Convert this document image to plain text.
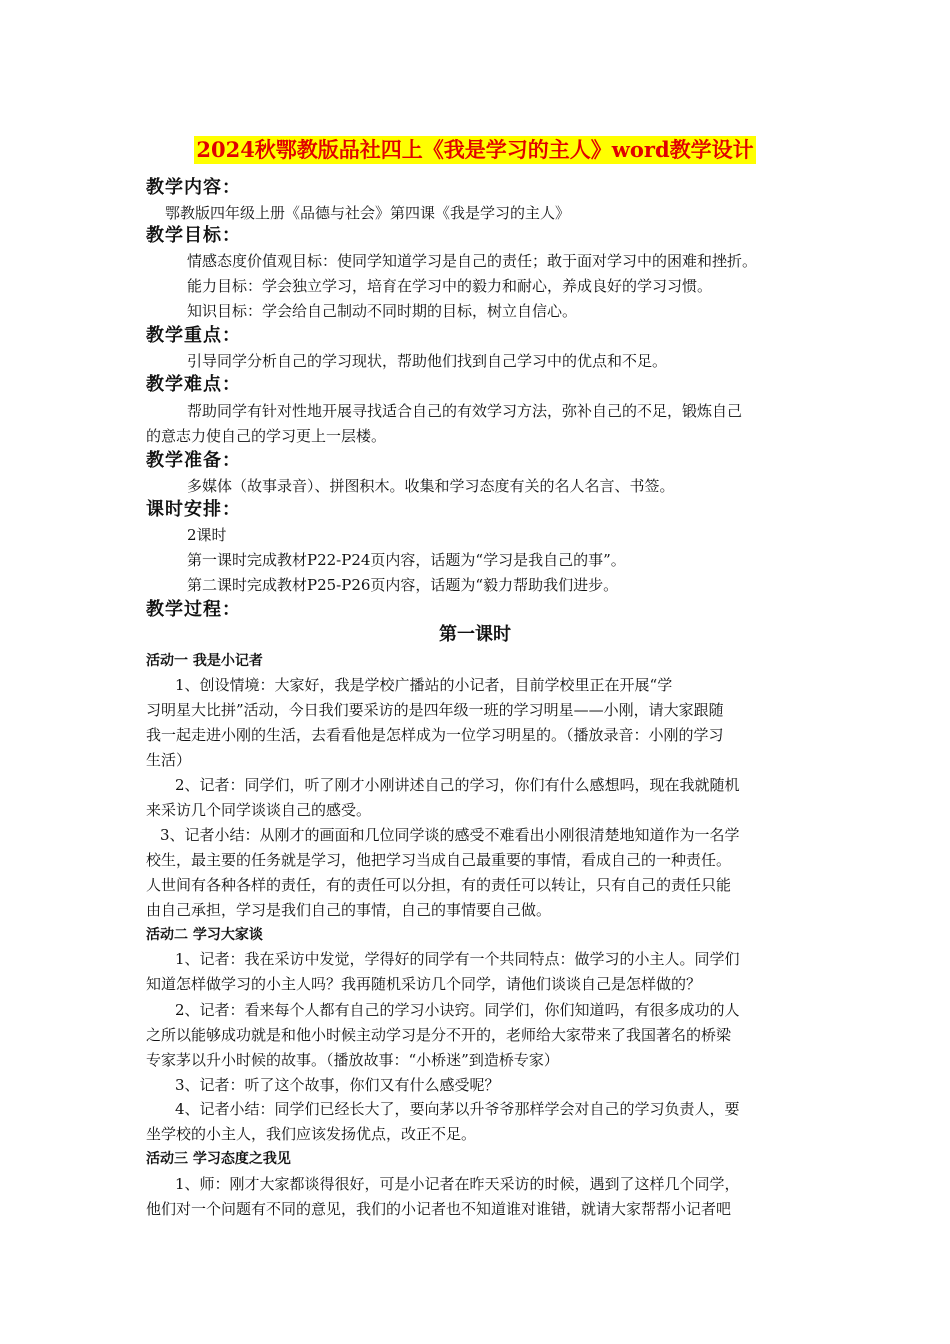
2024秋鄂教版品社四上《我是学习的主人》word教学设计
教学内容：
鄂教版四年级上册《品德与社会》第四课《我是学习的主人》
教学目标：
情感态度价值观目标：使同学知道学习是自己的责任；敢于面对学习中的困难和挫折。
能力目标：学会独立学习，培育在学习中的毅力和耐心，养成良好的学习习惯。
知识目标：学会给自己制动不同时期的目标，树立自信心。
教学重点：
引导同学分析自己的学习现状，帮助他们找到自己学习中的优点和不足。
教学难点：
帮助同学有针对性地开展寻找适合自己的有效学习方法，弥补自己的不足，锻炼自己
的意志力使自己的学习更上一层楼。
教学准备：
多媒体（故事录音）、拼图积木。收集和学习态度有关的名人名言、书签。
课时安排：
2课时
第一课时完成教材P22-P24页内容，话题为“学习是我自己的事”。
第二课时完成教材P25-P26页内容，话题为“毅力帮助我们进步。
教学过程：
第一课时
活动一 我是小记者
1、创设情境：大家好，我是学校广播站的小记者，目前学校里正在开展“学
习明星大比拼”活动，今日我们要采访的是四年级一班的学习明星——小刚，请大家跟随
我一起走进小刚的生活，去看看他是怎样成为一位学习明星的。（播放录音：小刚的学习
生活）
2、记者：同学们，听了刚才小刚讲述自己的学习，你们有什么感想吗，现在我就随机
来采访几个同学谈谈自己的感受。
3、记者小结：从刚才的画面和几位同学谈的感受不难看出小刚很清楚地知道作为一名学
校生，最主要的任务就是学习，他把学习当成自己最重要的事情，看成自己的一种责任。
人世间有各种各样的责任，有的责任可以分担，有的责任可以转让，只有自己的责任只能
由自己承担，学习是我们自己的事情，自己的事情要自己做。
活动二 学习大家谈
1、记者：我在采访中发觉，学得好的同学有一个共同特点：做学习的小主人。同学们
知道怎样做学习的小主人吗？我再随机采访几个同学，请他们谈谈自己是怎样做的？
2、记者：看来每个人都有自己的学习小诀窍。同学们，你们知道吗，有很多成功的人
之所以能够成功就是和他小时候主动学习是分不开的，老师给大家带来了我国著名的桥梁
专家茅以升小时候的故事。（播放故事：“小桥迷”到造桥专家）
3、记者：听了这个故事，你们又有什么感受呢？
4、记者小结：同学们已经长大了，要向茅以升爷爷那样学会对自己的学习负责人，要
坐学校的小主人，我们应该发扬优点，改正不足。
活动三 学习态度之我见
1、师：刚才大家都谈得很好，可是小记者在昨天采访的时候，遇到了这样几个同学，
他们对一个问题有不同的意见，我们的小记者也不知道谁对谁错，就请大家帮帮小记者吧
